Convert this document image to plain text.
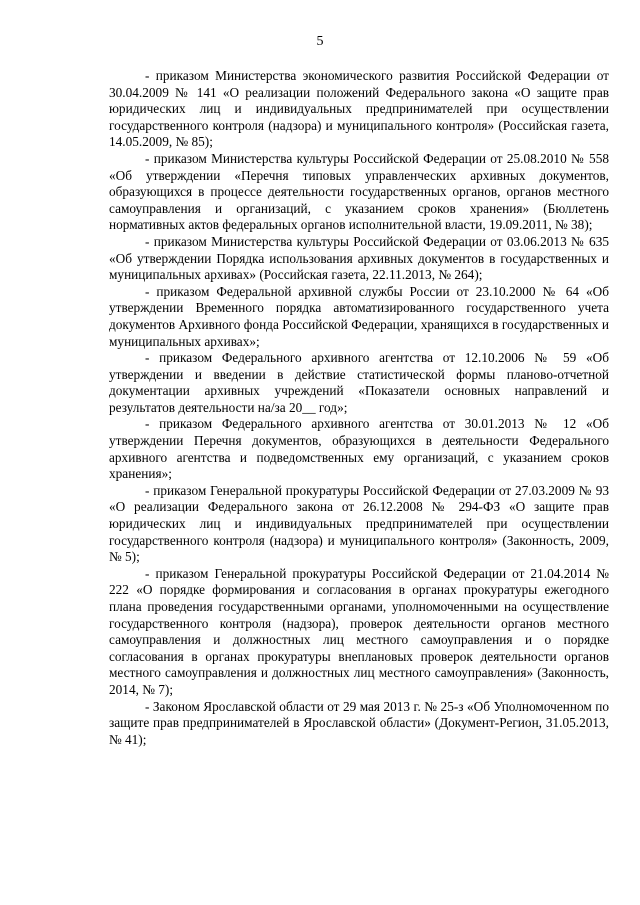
5

- приказом Министерства экономического развития Российской Федерации от 30.04.2009 № 141 «О реализации положений Федерального закона «О защите прав юридических лиц и индивидуальных предпринимателей при осуществлении государственного контроля (надзора) и муниципального контроля» (Российская газета, 14.05.2009, № 85);

- приказом Министерства культуры Российской Федерации от 25.08.2010 № 558 «Об утверждении «Перечня типовых управленческих архивных документов, образующихся в процессе деятельности государственных органов, органов местного самоуправления и организаций, с указанием сроков хранения» (Бюллетень нормативных актов федеральных органов исполнительной власти, 19.09.2011, № 38);

- приказом Министерства культуры Российской Федерации от 03.06.2013 № 635 «Об утверждении Порядка использования архивных документов в государственных и муниципальных архивах» (Российская газета, 22.11.2013, № 264);

- приказом Федеральной архивной службы России от 23.10.2000 № 64 «Об утверждении Временного порядка автоматизированного государственного учета документов Архивного фонда Российской Федерации, хранящихся в государственных и муниципальных архивах»;

- приказом Федерального архивного агентства от 12.10.2006 № 59 «Об утверждении и введении в действие статистической формы планово-отчетной документации архивных учреждений «Показатели основных направлений и результатов деятельности на/за 20__ год»;

- приказом Федерального архивного агентства от 30.01.2013 № 12 «Об утверждении Перечня документов, образующихся в деятельности Федерального архивного агентства и подведомственных ему организаций, с указанием сроков хранения»;

- приказом Генеральной прокуратуры Российской Федерации от 27.03.2009 № 93 «О реализации Федерального закона от 26.12.2008 № 294-ФЗ «О защите прав юридических лиц и индивидуальных предпринимателей при осуществлении государственного контроля (надзора) и муниципального контроля» (Законность, 2009, № 5);

- приказом Генеральной прокуратуры Российской Федерации от 21.04.2014 № 222 «О порядке формирования и согласования в органах прокуратуры ежегодного плана проведения государственными органами, уполномоченными на осуществление государственного контроля (надзора), проверок деятельности органов местного самоуправления и должностных лиц местного самоуправления и о порядке согласования в органах прокуратуры внеплановых проверок деятельности органов местного самоуправления и должностных лиц местного самоуправления» (Законность, 2014, № 7);

- Законом Ярославской области от 29 мая 2013 г. № 25-з «Об Уполномоченном по защите прав предпринимателей в Ярославской области» (Документ-Регион, 31.05.2013, № 41);
